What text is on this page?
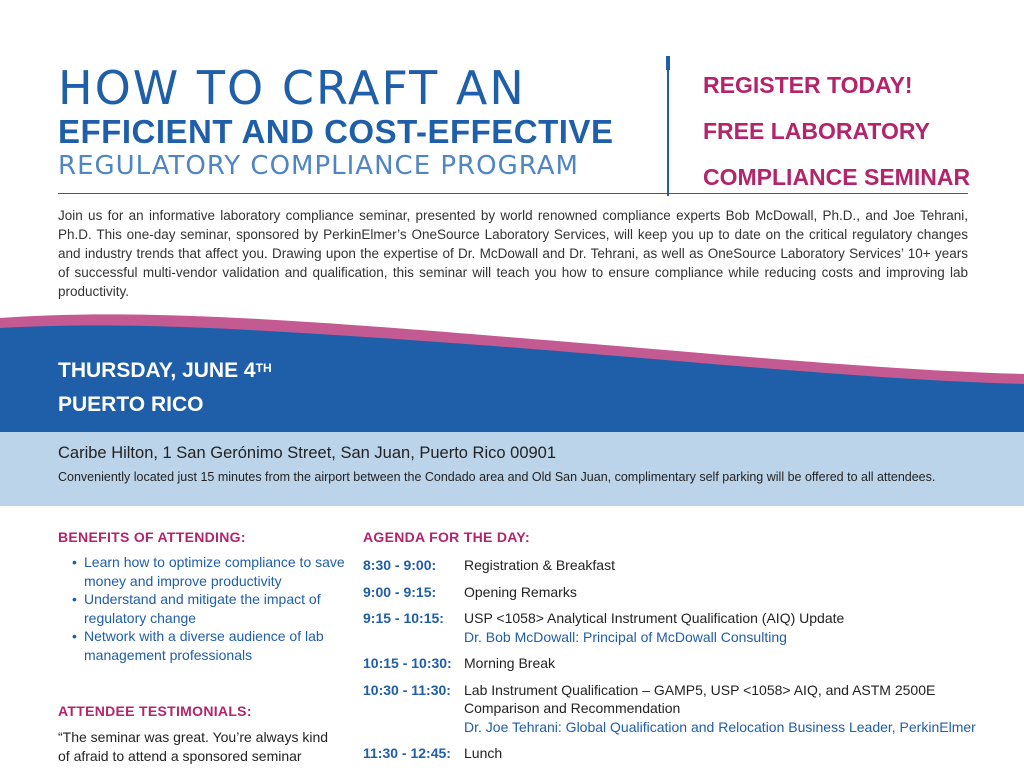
HOW TO CRAFT AN
EFFICIENT AND COST-EFFECTIVE
REGULATORY COMPLIANCE PROGRAM
REGISTER TODAY!
FREE LABORATORY
COMPLIANCE SEMINAR

Join us for an informative laboratory compliance seminar, presented by world renowned compliance experts Bob McDowall, Ph.D., and Joe Tehrani, Ph.D. This one-day seminar, sponsored by PerkinElmer’s OneSource Laboratory Services, will keep you up to date on the critical regulatory changes and industry trends that affect you. Drawing upon the expertise of Dr. McDowall and Dr. Tehrani, as well as OneSource Laboratory Services’ 10+ years of successful multi-vendor validation and qualification, this seminar will teach you how to ensure compliance while reducing costs and improving lab productivity.

THURSDAY, JUNE 4TH
PUERTO RICO
Caribe Hilton, 1 San Gerónimo Street, San Juan, Puerto Rico 00901
Conveniently located just 15 minutes from the airport between the Condado area and Old San Juan, complimentary self parking will be offered to all attendees.
BENEFITS OF ATTENDING:
• Learn how to optimize compliance to save money and improve productivity
• Understand and mitigate the impact of regulatory change
• Network with a diverse audience of lab management professionals
ATTENDEE TESTIMONIALS:
“The seminar was great. You’re always kind of afraid to attend a sponsored seminar
AGENDA FOR THE DAY:
8:30 - 9:00:	Registration & Breakfast
9:00 - 9:15:	Opening Remarks
9:15 - 10:15:	USP <1058> Analytical Instrument Qualification (AIQ) Update
Dr. Bob McDowall: Principal of McDowall Consulting
10:15 - 10:30: Morning Break
10:30 - 11:30: Lab Instrument Qualification – GAMP5, USP <1058> AIQ, and ASTM 2500E Comparison and Recommendation
Dr. Joe Tehrani: Global Qualification and Relocation Business Leader, PerkinElmer
11:30 - 12:45: Lunch
